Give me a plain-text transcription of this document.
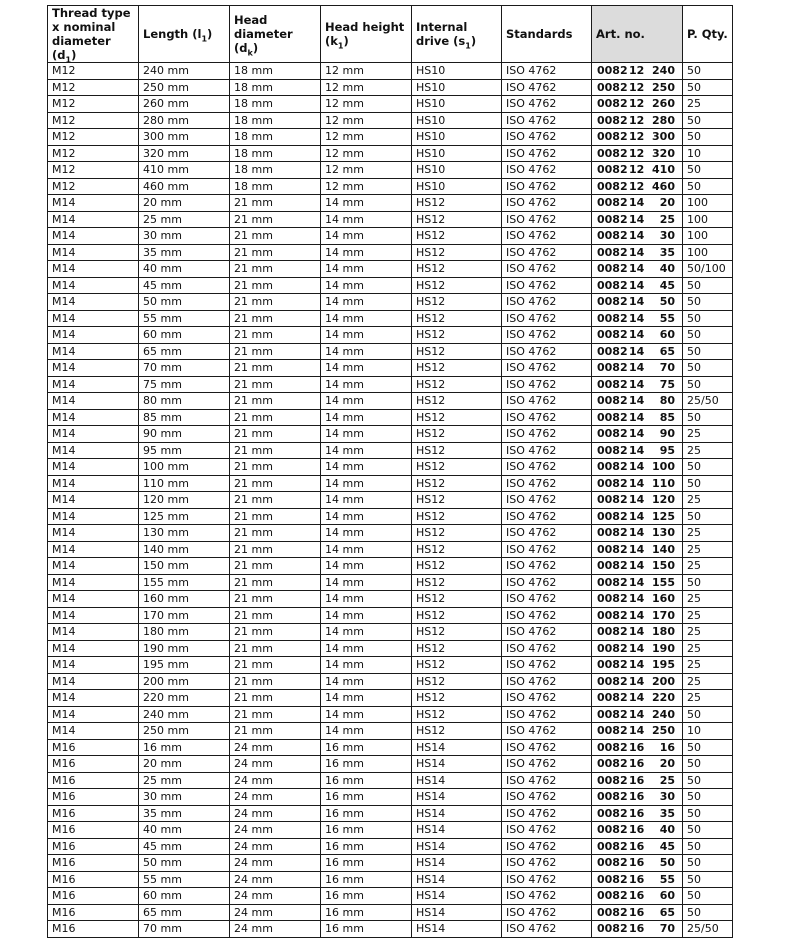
Thread type x nominal diameter $(d_1)$	Length $(l_1)$	Head diameter $(d_k)$	Head height $(k_1)$	Internal drive $(s_1)$	Standards	Art. no.	P. Qty.
M12	240 mm	18 mm	12 mm	HS10	ISO 4762	008212 240	50
M12	250 mm	18 mm	12 mm	HS10	ISO 4762	008212 250	50
M12	260 mm	18 mm	12 mm	HS10	ISO 4762	008212 260	25
M12	280 mm	18 mm	12 mm	HS10	ISO 4762	008212 280	50
M12	300 mm	18 mm	12 mm	HS10	ISO 4762	008212 300	50
M12	320 mm	18 mm	12 mm	HS10	ISO 4762	008212 320	10
M12	410 mm	18 mm	12 mm	HS10	ISO 4762	008212 410	50
M12	460 mm	18 mm	12 mm	HS10	ISO 4762	008212 460	50
M14	20 mm	21 mm	14 mm	HS12	ISO 4762	008214 20	100
M14	25 mm	21 mm	14 mm	HS12	ISO 4762	008214 25	100
M14	30 mm	21 mm	14 mm	HS12	ISO 4762	008214 30	100
M14	35 mm	21 mm	14 mm	HS12	ISO 4762	008214 35	100
M14	40 mm	21 mm	14 mm	HS12	ISO 4762	008214 40	50/100
M14	45 mm	21 mm	14 mm	HS12	ISO 4762	008214 45	50
M14	50 mm	21 mm	14 mm	HS12	ISO 4762	008214 50	50
M14	55 mm	21 mm	14 mm	HS12	ISO 4762	008214 55	50
M14	60 mm	21 mm	14 mm	HS12	ISO 4762	008214 60	50
M14	65 mm	21 mm	14 mm	HS12	ISO 4762	008214 65	50
M14	70 mm	21 mm	14 mm	HS12	ISO 4762	008214 70	50
M14	75 mm	21 mm	14 mm	HS12	ISO 4762	008214 75	50
M14	80 mm	21 mm	14 mm	HS12	ISO 4762	008214 80	25/50
M14	85 mm	21 mm	14 mm	HS12	ISO 4762	008214 85	50
M14	90 mm	21 mm	14 mm	HS12	ISO 4762	008214 90	25
M14	95 mm	21 mm	14 mm	HS12	ISO 4762	008214 95	25
M14	100 mm	21 mm	14 mm	HS12	ISO 4762	008214 100	50
M14	110 mm	21 mm	14 mm	HS12	ISO 4762	008214 110	50
M14	120 mm	21 mm	14 mm	HS12	ISO 4762	008214 120	25
M14	125 mm	21 mm	14 mm	HS12	ISO 4762	008214 125	50
M14	130 mm	21 mm	14 mm	HS12	ISO 4762	008214 130	25
M14	140 mm	21 mm	14 mm	HS12	ISO 4762	008214 140	25
M14	150 mm	21 mm	14 mm	HS12	ISO 4762	008214 150	25
M14	155 mm	21 mm	14 mm	HS12	ISO 4762	008214 155	50
M14	160 mm	21 mm	14 mm	HS12	ISO 4762	008214 160	25
M14	170 mm	21 mm	14 mm	HS12	ISO 4762	008214 170	25
M14	180 mm	21 mm	14 mm	HS12	ISO 4762	008214 180	25
M14	190 mm	21 mm	14 mm	HS12	ISO 4762	008214 190	25
M14	195 mm	21 mm	14 mm	HS12	ISO 4762	008214 195	25
M14	200 mm	21 mm	14 mm	HS12	ISO 4762	008214 200	25
M14	220 mm	21 mm	14 mm	HS12	ISO 4762	008214 220	25
M14	240 mm	21 mm	14 mm	HS12	ISO 4762	008214 240	50
M14	250 mm	21 mm	14 mm	HS12	ISO 4762	008214 250	10
M16	16 mm	24 mm	16 mm	HS14	ISO 4762	008216 16	50
M16	20 mm	24 mm	16 mm	HS14	ISO 4762	008216 20	50
M16	25 mm	24 mm	16 mm	HS14	ISO 4762	008216 25	50
M16	30 mm	24 mm	16 mm	HS14	ISO 4762	008216 30	50
M16	35 mm	24 mm	16 mm	HS14	ISO 4762	008216 35	50
M16	40 mm	24 mm	16 mm	HS14	ISO 4762	008216 40	50
M16	45 mm	24 mm	16 mm	HS14	ISO 4762	008216 45	50
M16	50 mm	24 mm	16 mm	HS14	ISO 4762	008216 50	50
M16	55 mm	24 mm	16 mm	HS14	ISO 4762	008216 55	50
M16	60 mm	24 mm	16 mm	HS14	ISO 4762	008216 60	50
M16	65 mm	24 mm	16 mm	HS14	ISO 4762	008216 65	50
M16	70 mm	24 mm	16 mm	HS14	ISO 4762	008216 70	25/50
